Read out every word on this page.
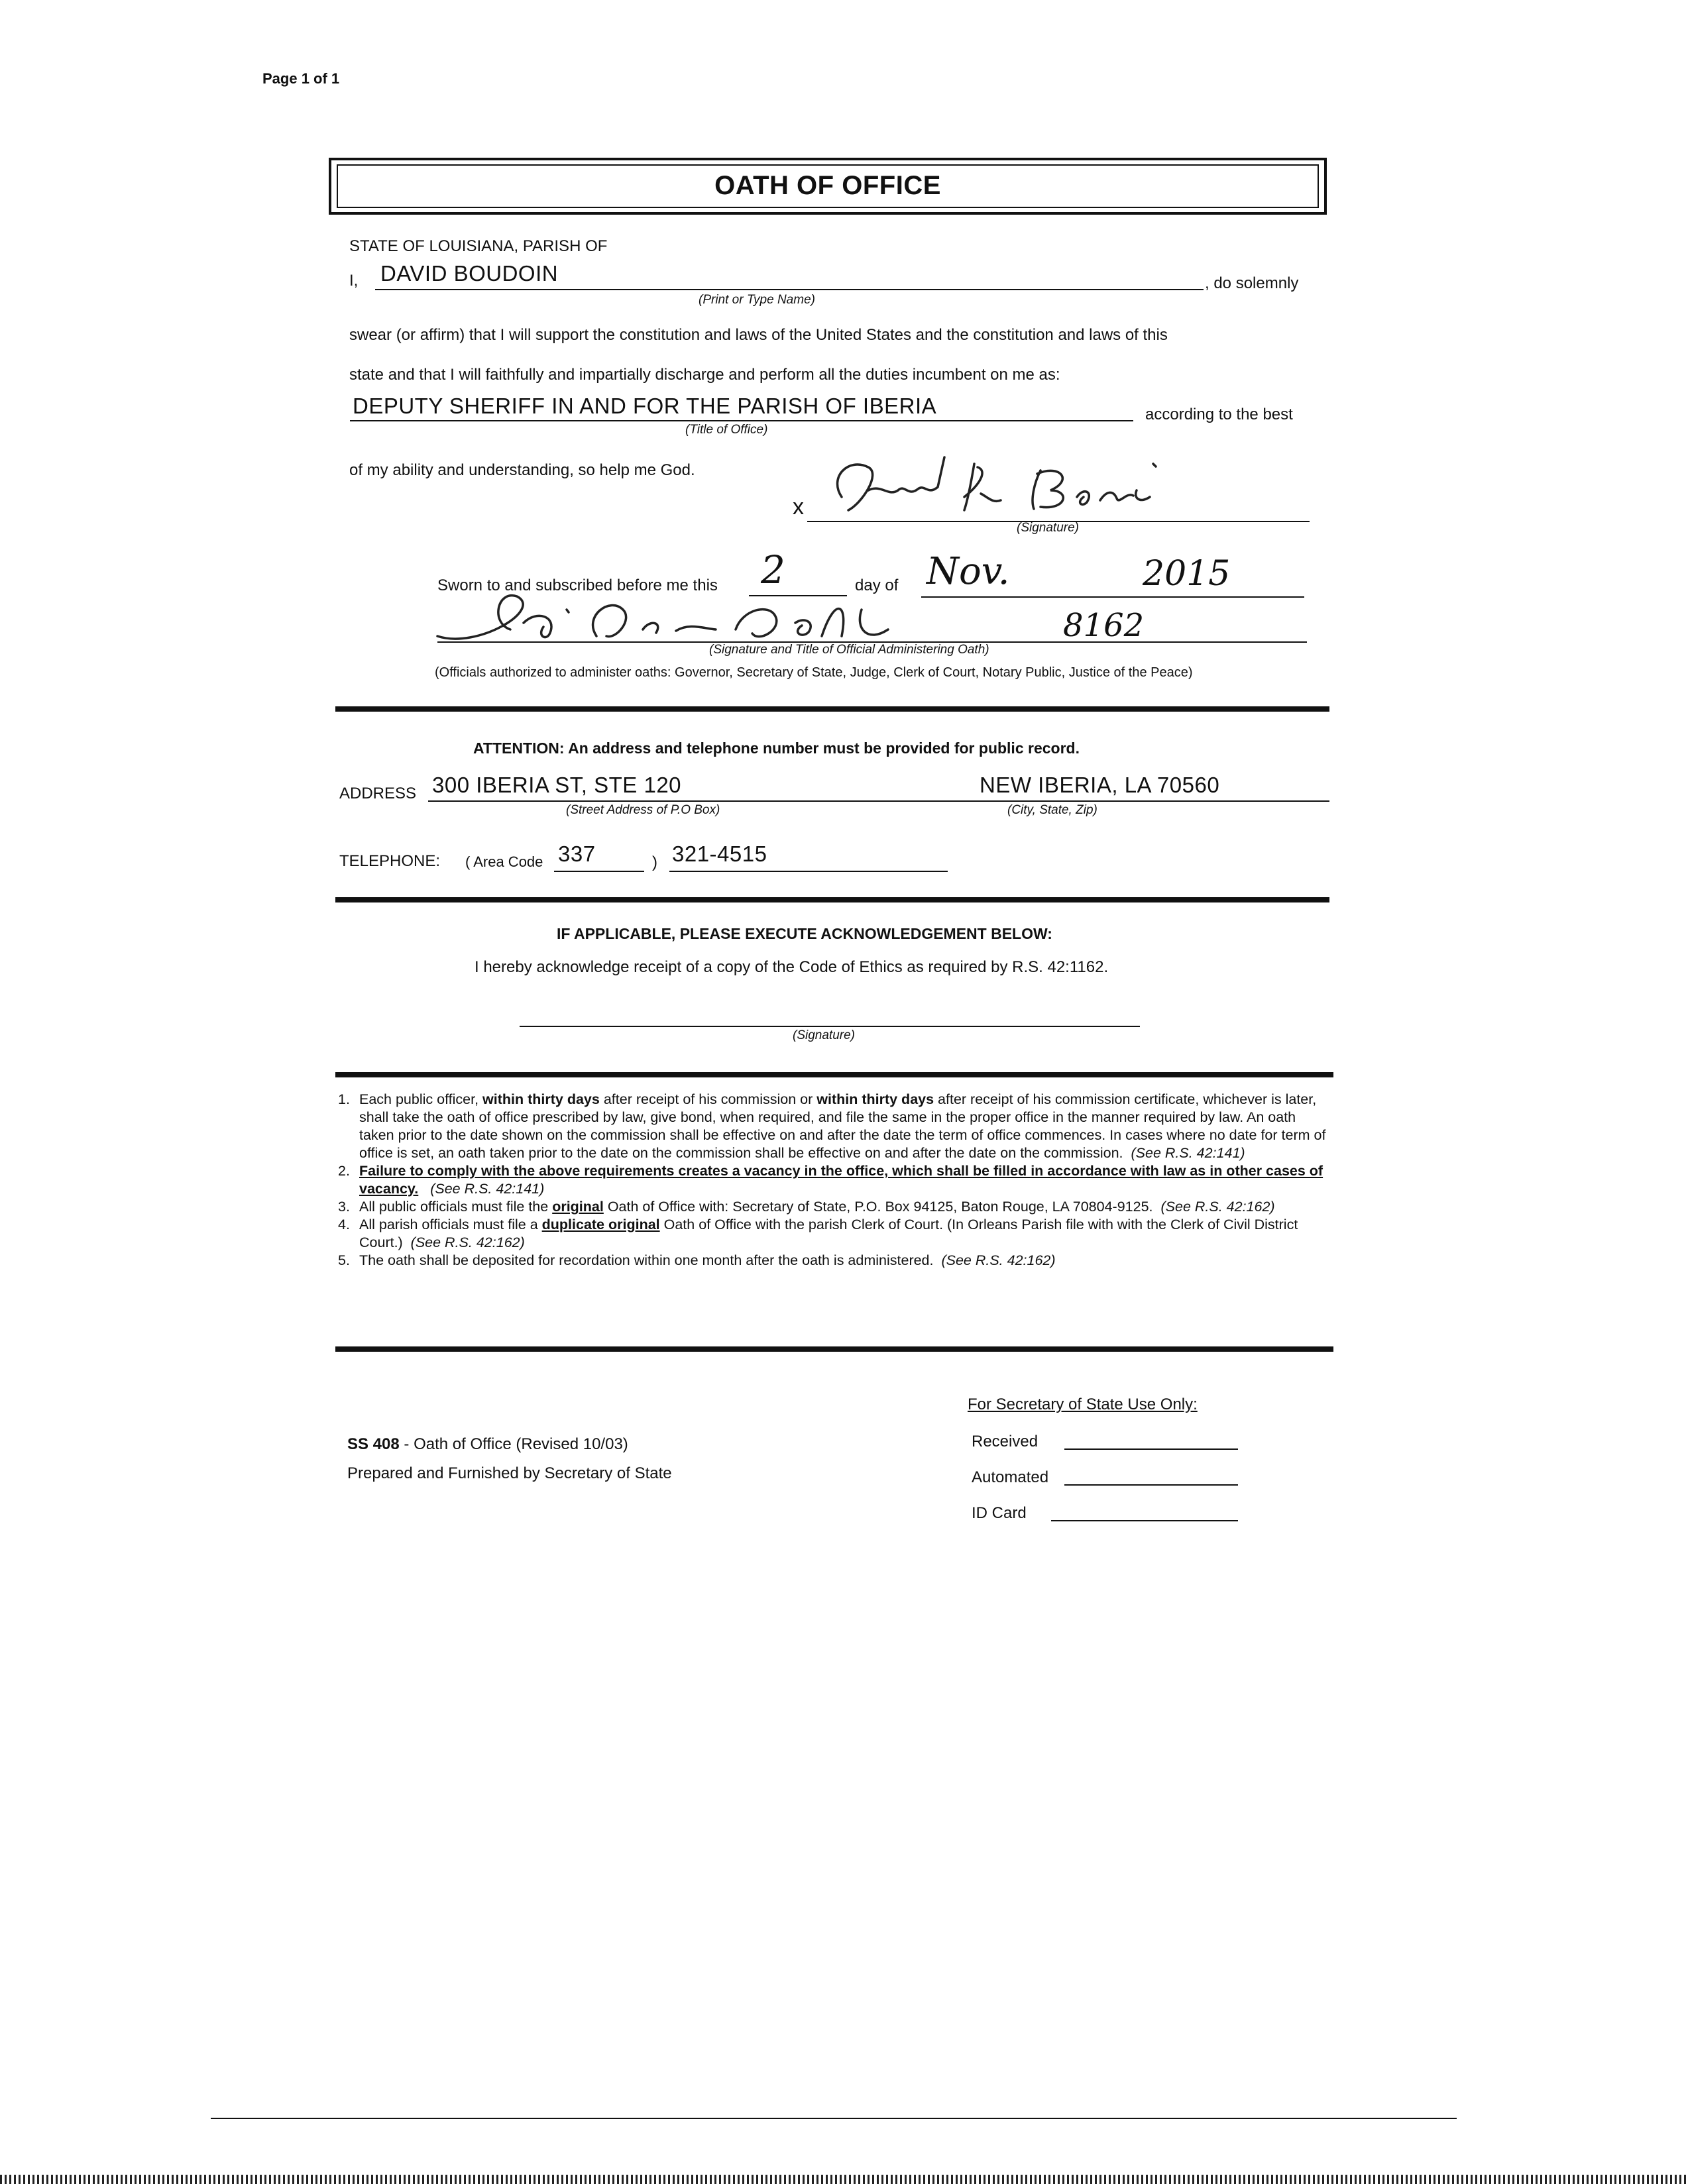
Page 1 of 1
OATH OF OFFICE
STATE OF LOUISIANA, PARISH OF
I, DAVID BOUDOIN
(Print or Type Name)
, do solemnly
swear (or affirm) that I will support the constitution and laws of the United States and the constitution and laws of this
state and that I will faithfully and impartially discharge and perform all the duties incumbent on me as:
DEPUTY SHERIFF IN AND FOR THE PARISH OF IBERIA	according to the best
(Title of Office)
of my ability and understanding, so help me God.
x
(Signature)
Sworn to and subscribed before me this 2	day of Nov.	2015
8162
(Signature and Title of Official Administering Oath)
(Officials authorized to administer oaths: Governor, Secretary of State, Judge, Clerk of Court, Notary Public, Justice of the Peace)
ATTENTION: An address and telephone number must be provided for public record.
ADDRESS 300 IBERIA ST, STE 120
(Street Address of P.O Box)
NEW IBERIA, LA 70560
(City, State, Zip)
TELEPHONE: ( Area Code 337	) 321-4515
IF APPLICABLE, PLEASE EXECUTE ACKNOWLEDGEMENT BELOW:
I hereby acknowledge receipt of a copy of the Code of Ethics as required by R.S. 42:1162.
(Signature)
1. Each public officer, within thirty days after receipt of his commission or within thirty days after receipt of his commission certificate, whichever is later, shall take the oath of office prescribed by law, give bond, when required, and file the same in the proper office in the manner required by law. An oath taken prior to the date shown on the commission shall be effective on and after the date the term of office commences. In cases where no date for term of office is set, an oath taken prior to the date on the commission shall be effective on and after the date on the commission. (See R.S. 42:141)
2. Failure to comply with the above requirements creates a vacancy in the office, which shall be filled in accordance with law as in other cases of vacancy. (See R.S. 42:141)
3. All public officials must file the original Oath of Office with: Secretary of State, P.O. Box 94125, Baton Rouge, LA 70804-9125. (See R.S. 42:162)
4. All parish officials must file a duplicate original Oath of Office with the parish Clerk of Court. (In Orleans Parish file with with the Clerk of Civil District Court.) (See R.S. 42:162)
5. The oath shall be deposited for recordation within one month after the oath is administered. (See R.S. 42:162)
SS 408 - Oath of Office (Revised 10/03)
Prepared and Furnished by Secretary of State
For Secretary of State Use Only:
Received
Automated
ID Card
